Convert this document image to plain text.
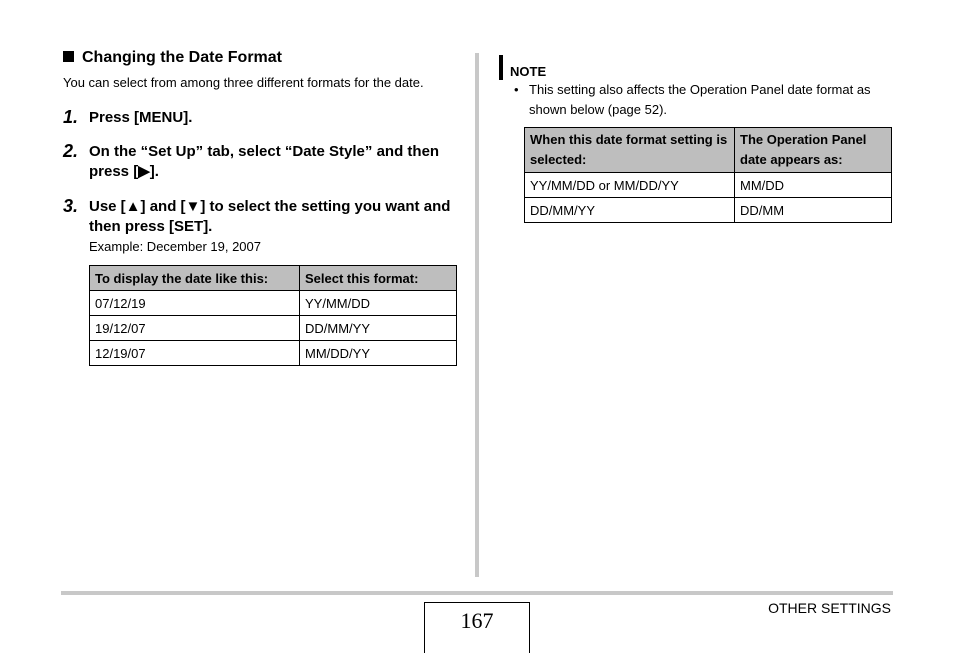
Changing the Date Format
You can select from among three different formats for the date.
1. Press [MENU].
2. On the “Set Up” tab, select “Date Style” and then press [▶].
3. Use [▲] and [▼] to select the setting you want and then press [SET].
Example: December 19, 2007
To display the date like this:	Select this format:
07/12/19	YY/MM/DD
19/12/07	DD/MM/YY
12/19/07	MM/DD/YY
NOTE
• This setting also affects the Operation Panel date format as shown below (page 52).
When this date format setting is selected:	The Operation Panel date appears as:
YY/MM/DD or MM/DD/YY	MM/DD
DD/MM/YY	DD/MM
167	OTHER SETTINGS
